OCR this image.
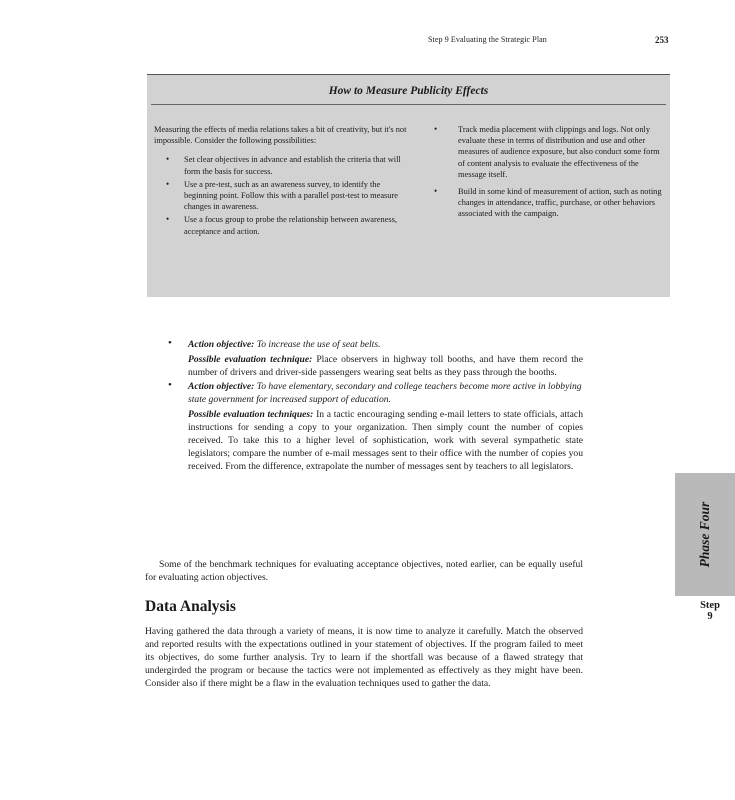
Step 9 Evaluating the Strategic Plan	253
How to Measure Publicity Effects

Measuring the effects of media relations takes a bit of creativity, but it's not impossible. Consider the following possibilities:

• Set clear objectives in advance and establish the criteria that will form the basis for success.
• Use a pre-test, such as an awareness survey, to identify the beginning point. Follow this with a parallel post-test to measure changes in awareness.
• Use a focus group to probe the relationship between awareness, acceptance and action.
• Track media placement with clippings and logs. Not only evaluate these in terms of distribution and use and other measures of audience exposure, but also conduct some form of content analysis to evaluate the effectiveness of the message itself.
• Build in some kind of measurement of action, such as noting changes in attendance, traffic, purchase, or other behaviors associated with the campaign.
• Action objective: To increase the use of seat belts.
Possible evaluation technique: Place observers in highway toll booths, and have them record the number of drivers and driver-side passengers wearing seat belts as they pass through the booths.
• Action objective: To have elementary, secondary and college teachers become more active in lobbying state government for increased support of education.
Possible evaluation techniques: In a tactic encouraging sending e-mail letters to state officials, attach instructions for sending a copy to your organization. Then simply count the number of copies received. To take this to a higher level of sophistication, work with several sympathetic state legislators; compare the number of e-mail messages sent to their office with the number of copies you received. From the difference, extrapolate the number of messages sent by teachers to all legislators.

Some of the benchmark techniques for evaluating acceptance objectives, noted earlier, can be equally useful for evaluating action objectives.

Data Analysis

Having gathered the data through a variety of means, it is now time to analyze it carefully. Match the observed and reported results with the expectations outlined in your statement of objectives. If the program failed to meet its objectives, do some further analysis. Try to learn if the shortfall was because of a flawed strategy that undergirded the program or because the tactics were not implemented as effectively as they might have been. Consider also if there might be a flaw in the evaluation techniques used to gather the data.

Phase Four
Step
9
